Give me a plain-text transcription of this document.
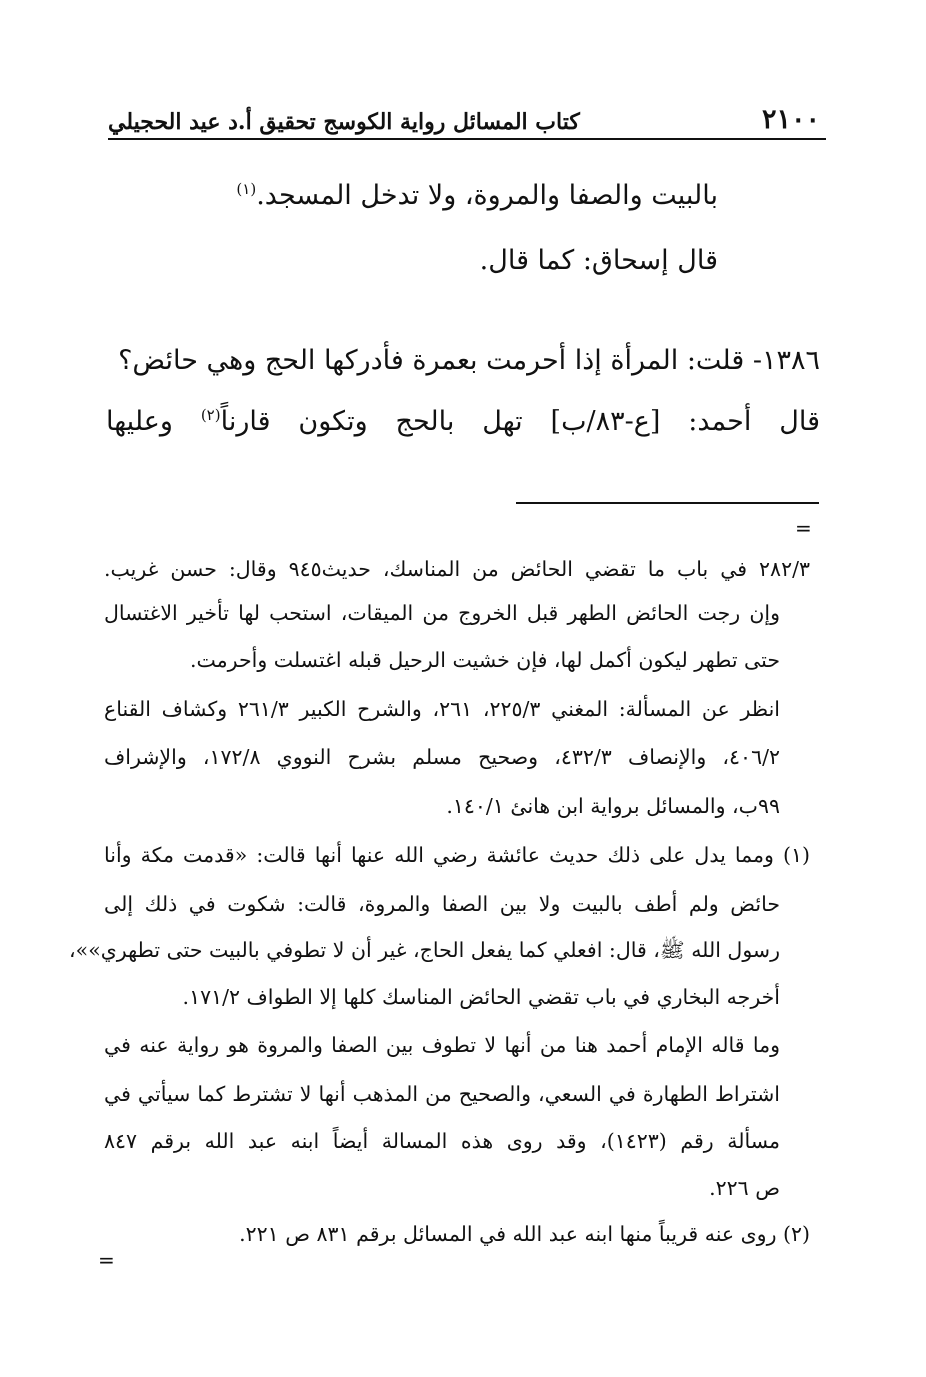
٢١٠٠
كتاب المسائل رواية الكوسج تحقيق أ.د عيد الحجيلي
بالبيت والصفا والمروة، ولا تدخل المسجد.$^{(١)}$
قال إسحاق: كما قال.
١٣٨٦- قلت: المرأة إذا أحرمت بعمرة فأدركها الحج وهي حائض؟
قال أحمد: [ع-٨٣/ب] تهل بالحج وتكون قارناً$^{(٢)}$ وعليها
=
٢٨٢/٣ في باب ما تقضي الحائض من المناسك، حديث٩٤٥ وقال: حسن غريب.
وإن رجت الحائض الطهر قبل الخروج من الميقات، استحب لها تأخير الاغتسال
حتى تطهر ليكون أكمل لها، فإن خشيت الرحيل قبله اغتسلت وأحرمت.
انظر عن المسألة: المغني ٢٢٥/٣، ٢٦١، والشرح الكبير ٢٦١/٣ وكشاف القناع
٤٠٦/٢، والإنصاف ٤٣٢/٣، وصحيح مسلم بشرح النووي ١٧٢/٨، والإشراف
٩٩ب، والمسائل برواية ابن هانئ ١٤٠/١.
(١) ومما يدل على ذلك حديث عائشة رضي الله عنها أنها قالت: «قدمت مكة وأنا
حائض ولم أطف بالبيت ولا بين الصفا والمروة، قالت: شكوت في ذلك إلى
رسول الله ﷺ، قال: افعلي كما يفعل الحاج، غير أن لا تطوفي بالبيت حتى تطهري»»،
أخرجه البخاري في باب تقضي الحائض المناسك كلها إلا الطواف ١٧١/٢.
وما قاله الإمام أحمد هنا من أنها لا تطوف بين الصفا والمروة هو رواية عنه في
اشتراط الطهارة في السعي، والصحيح من المذهب أنها لا تشترط كما سيأتي في
مسألة رقم (١٤٢٣)، وقد روى هذه المسالة أيضاً ابنه عبد الله برقم ٨٤٧
ص ٢٢٦.
(٢) روى عنه قريباً منها ابنه عبد الله في المسائل برقم ٨٣١ ص ٢٢١.
=
